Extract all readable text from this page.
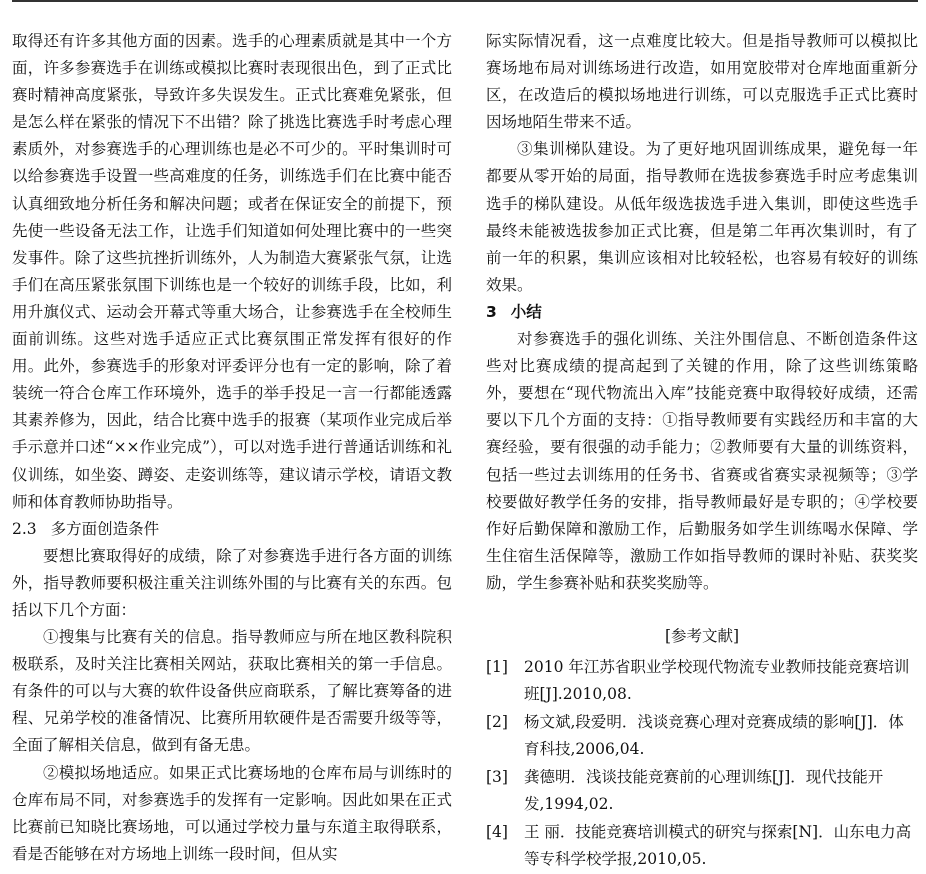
取得还有许多其他方面的因素。选手的心理素质就是其中一个方面，许多参赛选手在训练或模拟比赛时表现很出色，到了正式比赛时精神高度紧张，导致许多失误发生。正式比赛难免紧张，但是怎么样在紧张的情况下不出错？除了挑选比赛选手时考虑心理素质外，对参赛选手的心理训练也是必不可少的。平时集训时可以给参赛选手设置一些高难度的任务，训练选手们在比赛中能否认真细致地分析任务和解决问题；或者在保证安全的前提下，预先使一些设备无法工作，让选手们知道如何处理比赛中的一些突发事件。除了这些抗挫折训练外，人为制造大赛紧张气氛，让选手们在高压紧张氛围下训练也是一个较好的训练手段，比如，利用升旗仪式、运动会开幕式等重大场合，让参赛选手在全校师生面前训练。这些对选手适应正式比赛氛围正常发挥有很好的作用。此外，参赛选手的形象对评委评分也有一定的影响，除了着装统一符合仓库工作环境外，选手的举手投足一言一行都能透露其素养修为，因此，结合比赛中选手的报赛（某项作业完成后举手示意并口述“××作业完成”），可以对选手进行普通话训练和礼仪训练，如坐姿、蹲姿、走姿训练等，建议请示学校，请语文教师和体育教师协助指导。

2.3 多方面创造条件

要想比赛取得好的成绩，除了对参赛选手进行各方面的训练外，指导教师要积极注重关注训练外围的与比赛有关的东西。包括以下几个方面：

①搜集与比赛有关的信息。指导教师应与所在地区教科院积极联系，及时关注比赛相关网站，获取比赛相关的第一手信息。有条件的可以与大赛的软件设备供应商联系，了解比赛筹备的进程、兄弟学校的准备情况、比赛所用软硬件是否需要升级等等，全面了解相关信息，做到有备无患。

②模拟场地适应。如果正式比赛场地的仓库布局与训练时的仓库布局不同，对参赛选手的发挥有一定影响。因此如果在正式比赛前已知晓比赛场地，可以通过学校力量与东道主取得联系，看是否能够在对方场地上训练一段时间，但从实

际实际情况看，这一点难度比较大。但是指导教师可以模拟比赛场地布局对训练场进行改造，如用宽胶带对仓库地面重新分区，在改造后的模拟场地进行训练，可以克服选手正式比赛时因场地陌生带来不适。

③集训梯队建设。为了更好地巩固训练成果，避免每一年都要从零开始的局面，指导教师在选拔参赛选手时应考虑集训选手的梯队建设。从低年级选拔选手进入集训，即使这些选手最终未能被选拔参加正式比赛，但是第二年再次集训时，有了前一年的积累，集训应该相对比较轻松，也容易有较好的训练效果。

3 小结

对参赛选手的强化训练、关注外围信息、不断创造条件这些对比赛成绩的提高起到了关键的作用，除了这些训练策略外，要想在“现代物流出入库”技能竞赛中取得较好成绩，还需要以下几个方面的支持：①指导教师要有实践经历和丰富的大赛经验，要有很强的动手能力；②教师要有大量的训练资料，包括一些过去训练用的任务书、省赛或省赛实录视频等；③学校要做好教学任务的安排，指导教师最好是专职的；④学校要作好后勤保障和激励工作，后勤服务如学生训练喝水保障、学生住宿生活保障等，激励工作如指导教师的课时补贴、获奖奖励，学生参赛补贴和获奖奖励等。

[参考文献]
[1]	2010 年江苏省职业学校现代物流专业教师技能竞赛培训班[J].2010,08.
[2]	杨文斌,段爱明．浅谈竞赛心理对竞赛成绩的影响[J]．体育科技,2006,04.
[3]	龚德明．浅谈技能竞赛前的心理训练[J]．现代技能开发,1994,02.
[4]	王 丽．技能竞赛培训模式的研究与探索[N]．山东电力高等专科学校学报,2010,05.
